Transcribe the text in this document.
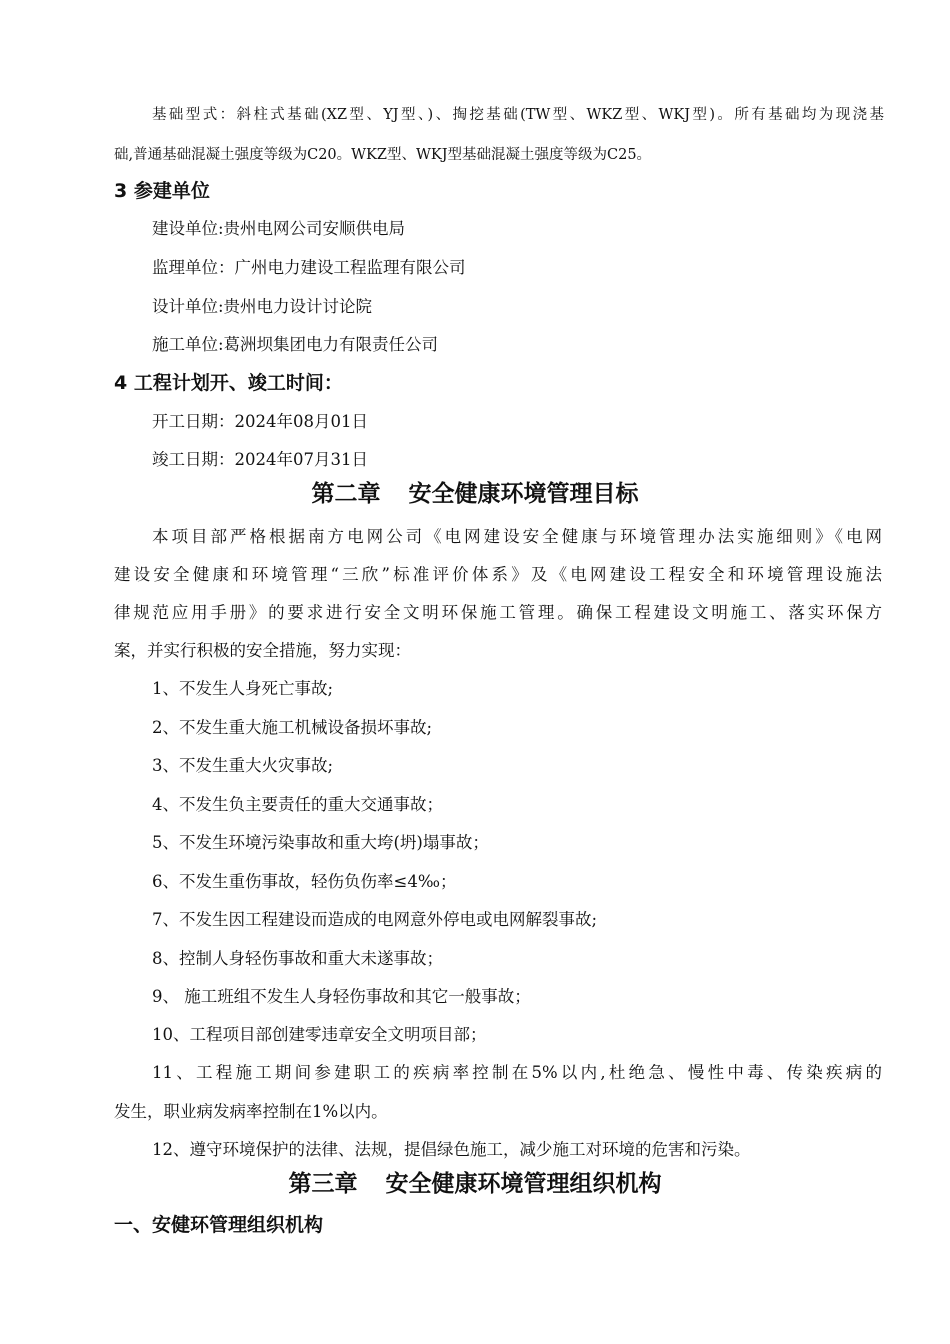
基础型式：斜柱式基础(XZ型、YJ型、)、掏挖基础(TW型、WKZ型、WKJ型)。所有基础均为现浇基
础,普通基础混凝土强度等级为C20。WKZ型、WKJ型基础混凝土强度等级为C25。
3 参建单位
建设单位:贵州电网公司安顺供电局
监理单位：广州电力建设工程监理有限公司
设计单位:贵州电力设计讨论院
施工单位:葛洲坝集团电力有限责任公司
4 工程计划开、竣工时间：
开工日期：2024年08月01日
竣工日期：2024年07月31日
第二章 安全健康环境管理目标
本项目部严格根据南方电网公司《电网建设安全健康与环境管理办法实施细则》《电网
建设安全健康和环境管理“三欣”标准评价体系》及《电网建设工程安全和环境管理设施法
律规范应用手册》的要求进行安全文明环保施工管理。确保工程建设文明施工、落实环保方
案，并实行积极的安全措施，努力实现：
1、不发生人身死亡事故;
2、不发生重大施工机械设备损坏事故;
3、不发生重大火灾事故;
4、不发生负主要责任的重大交通事故；
5、不发生环境污染事故和重大垮(坍)塌事故；
6、不发生重伤事故，轻伤负伤率≤4‰；
7、不发生因工程建设而造成的电网意外停电或电网解裂事故;
8、控制人身轻伤事故和重大未遂事故；
9、 施工班组不发生人身轻伤事故和其它一般事故；
10、工程项目部创建零违章安全文明项目部；
11、工程施工期间参建职工的疾病率控制在5%以内,杜绝急、慢性中毒、传染疾病的
发生，职业病发病率控制在1%以内。
12、遵守环境保护的法律、法规，提倡绿色施工，减少施工对环境的危害和污染。
第三章 安全健康环境管理组织机构
一、安健环管理组织机构
